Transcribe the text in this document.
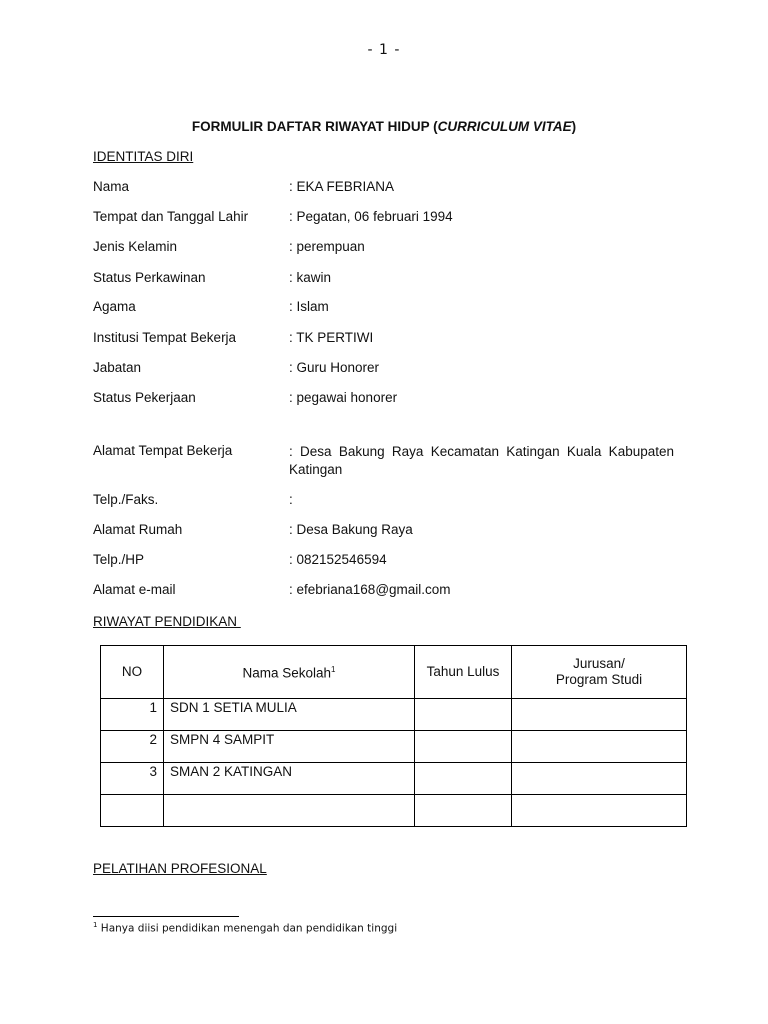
- 1 -
FORMULIR DAFTAR RIWAYAT HIDUP (CURRICULUM VITAE)
IDENTITAS DIRI
Nama	: EKA FEBRIANA
Tempat dan Tanggal Lahir	: Pegatan, 06 februari 1994
Jenis Kelamin	: perempuan
Status Perkawinan	: kawin
Agama	: Islam
Institusi Tempat Bekerja	: TK PERTIWI
Jabatan	: Guru Honorer
Status Pekerjaan	: pegawai honorer
Alamat Tempat Bekerja	: Desa Bakung Raya Kecamatan Katingan Kuala Kabupaten Katingan
Telp./Faks.	:
Alamat Rumah	: Desa Bakung Raya
Telp./HP	: 082152546594
Alamat e-mail	: efebriana168@gmail.com
RIWAYAT PENDIDIKAN
NO	Nama Sekolah$^1$	Tahun Lulus	Jurusan/
Program Studi
1	SDN 1 SETIA MULIA		
2	SMPN 4 SAMPIT		
3	SMAN 2 KATINGAN		

PELATIHAN PROFESIONAL
$^1$ Hanya diisi pendidikan menengah dan pendidikan tinggi
